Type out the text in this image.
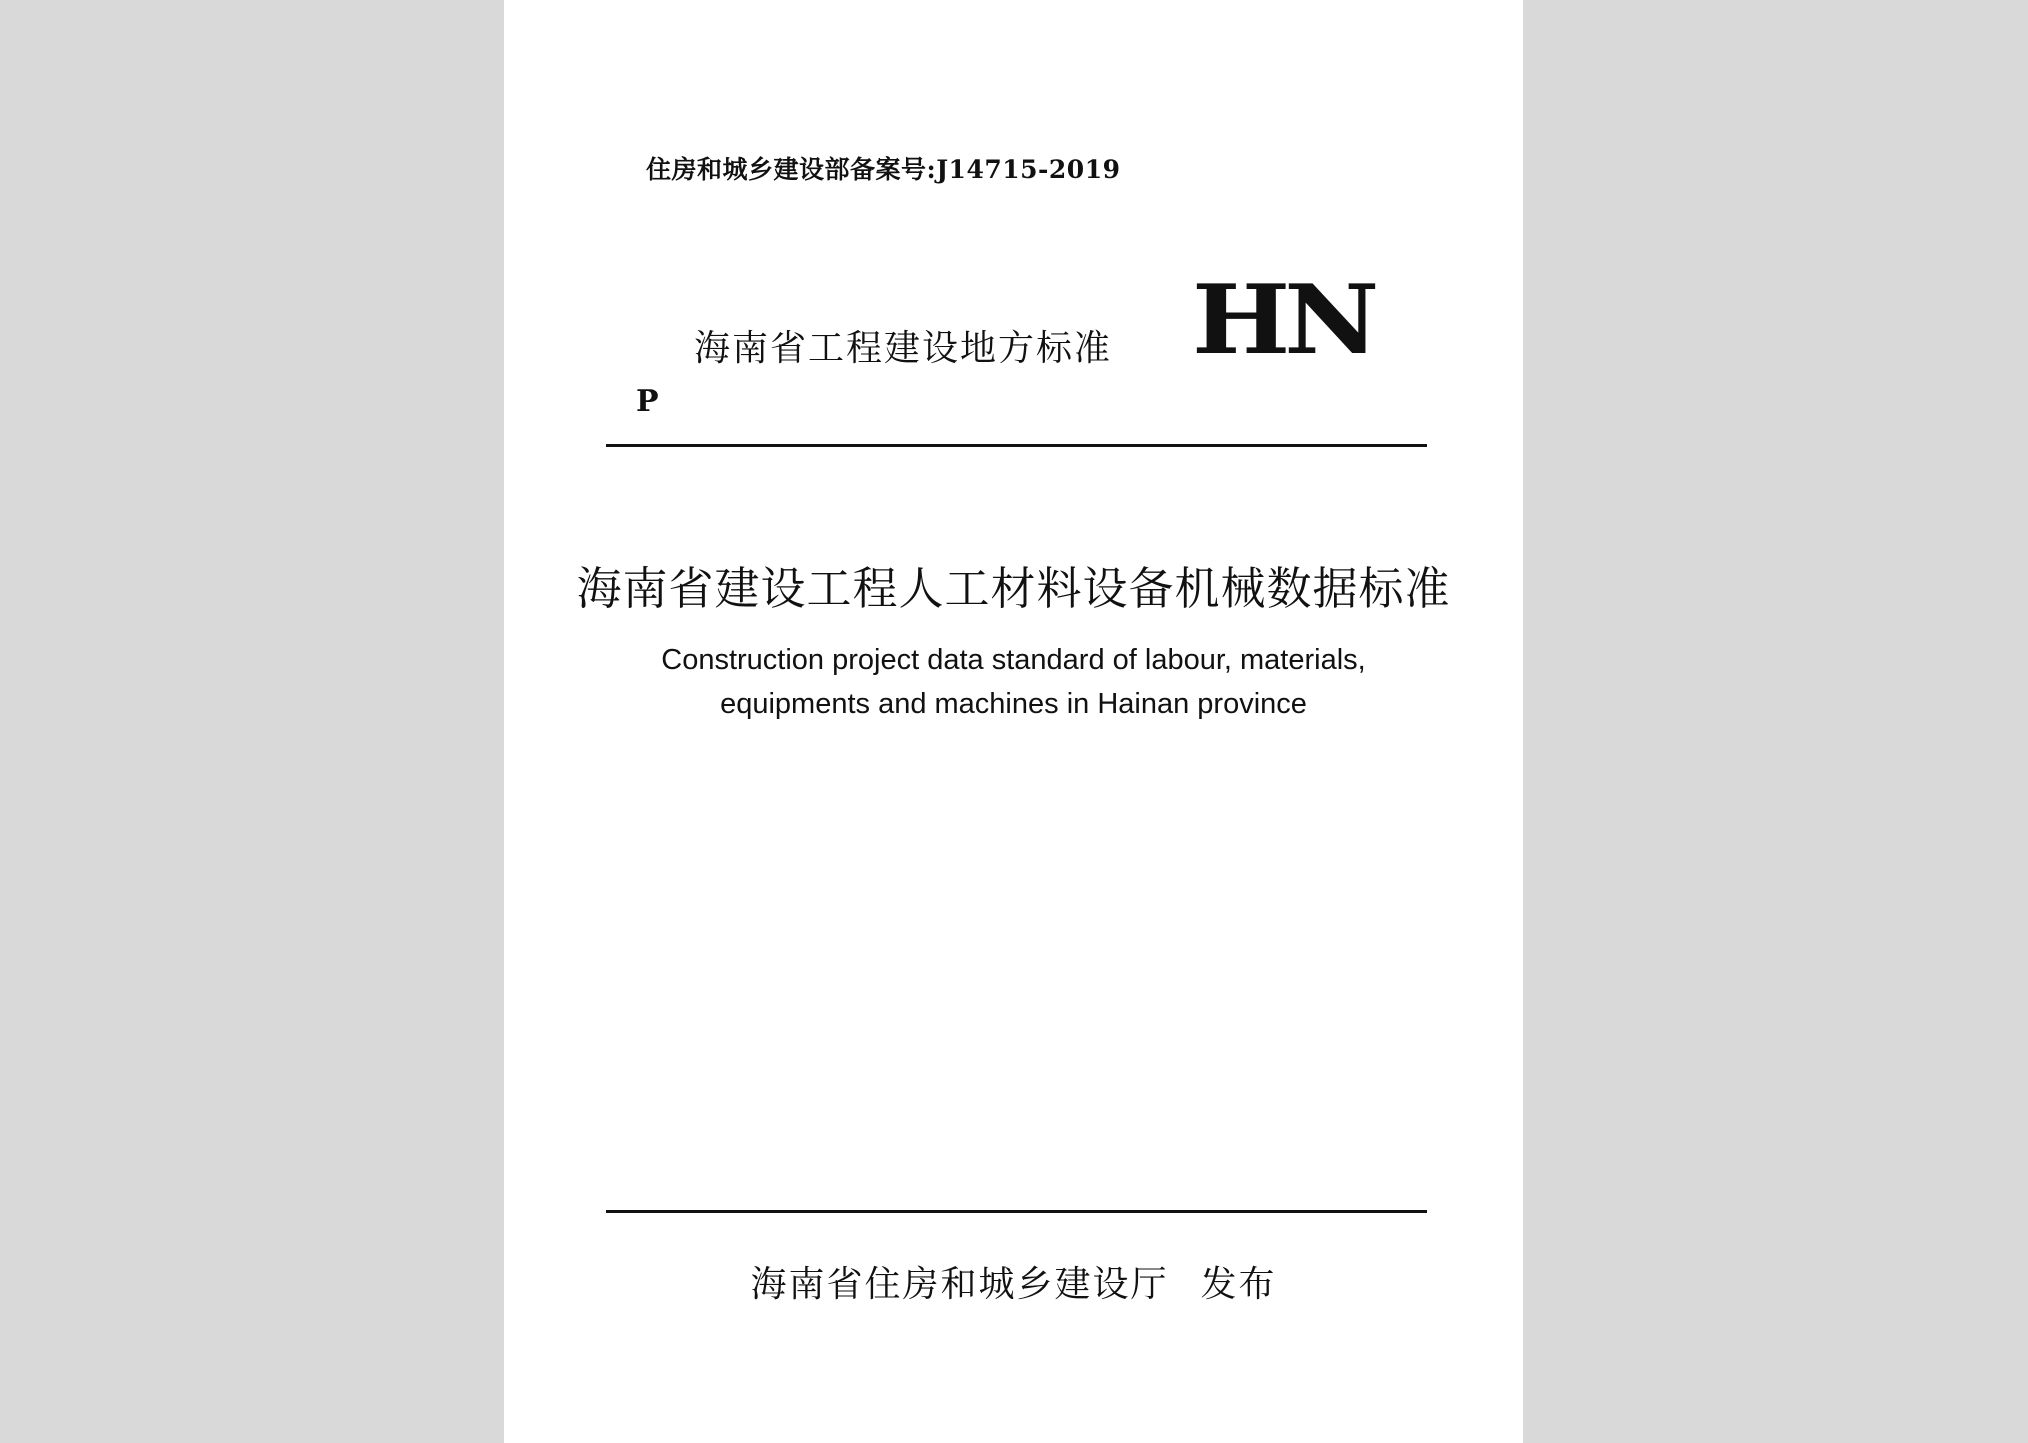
住房和城乡建设部备案号:J14715-2019

海南省工程建设地方标准 HN

P

海南省建设工程人工材料设备机械数据标准

Construction project data standard of labour, materials,
equipments and machines in Hainan province

海南省住房和城乡建设厅 发布
